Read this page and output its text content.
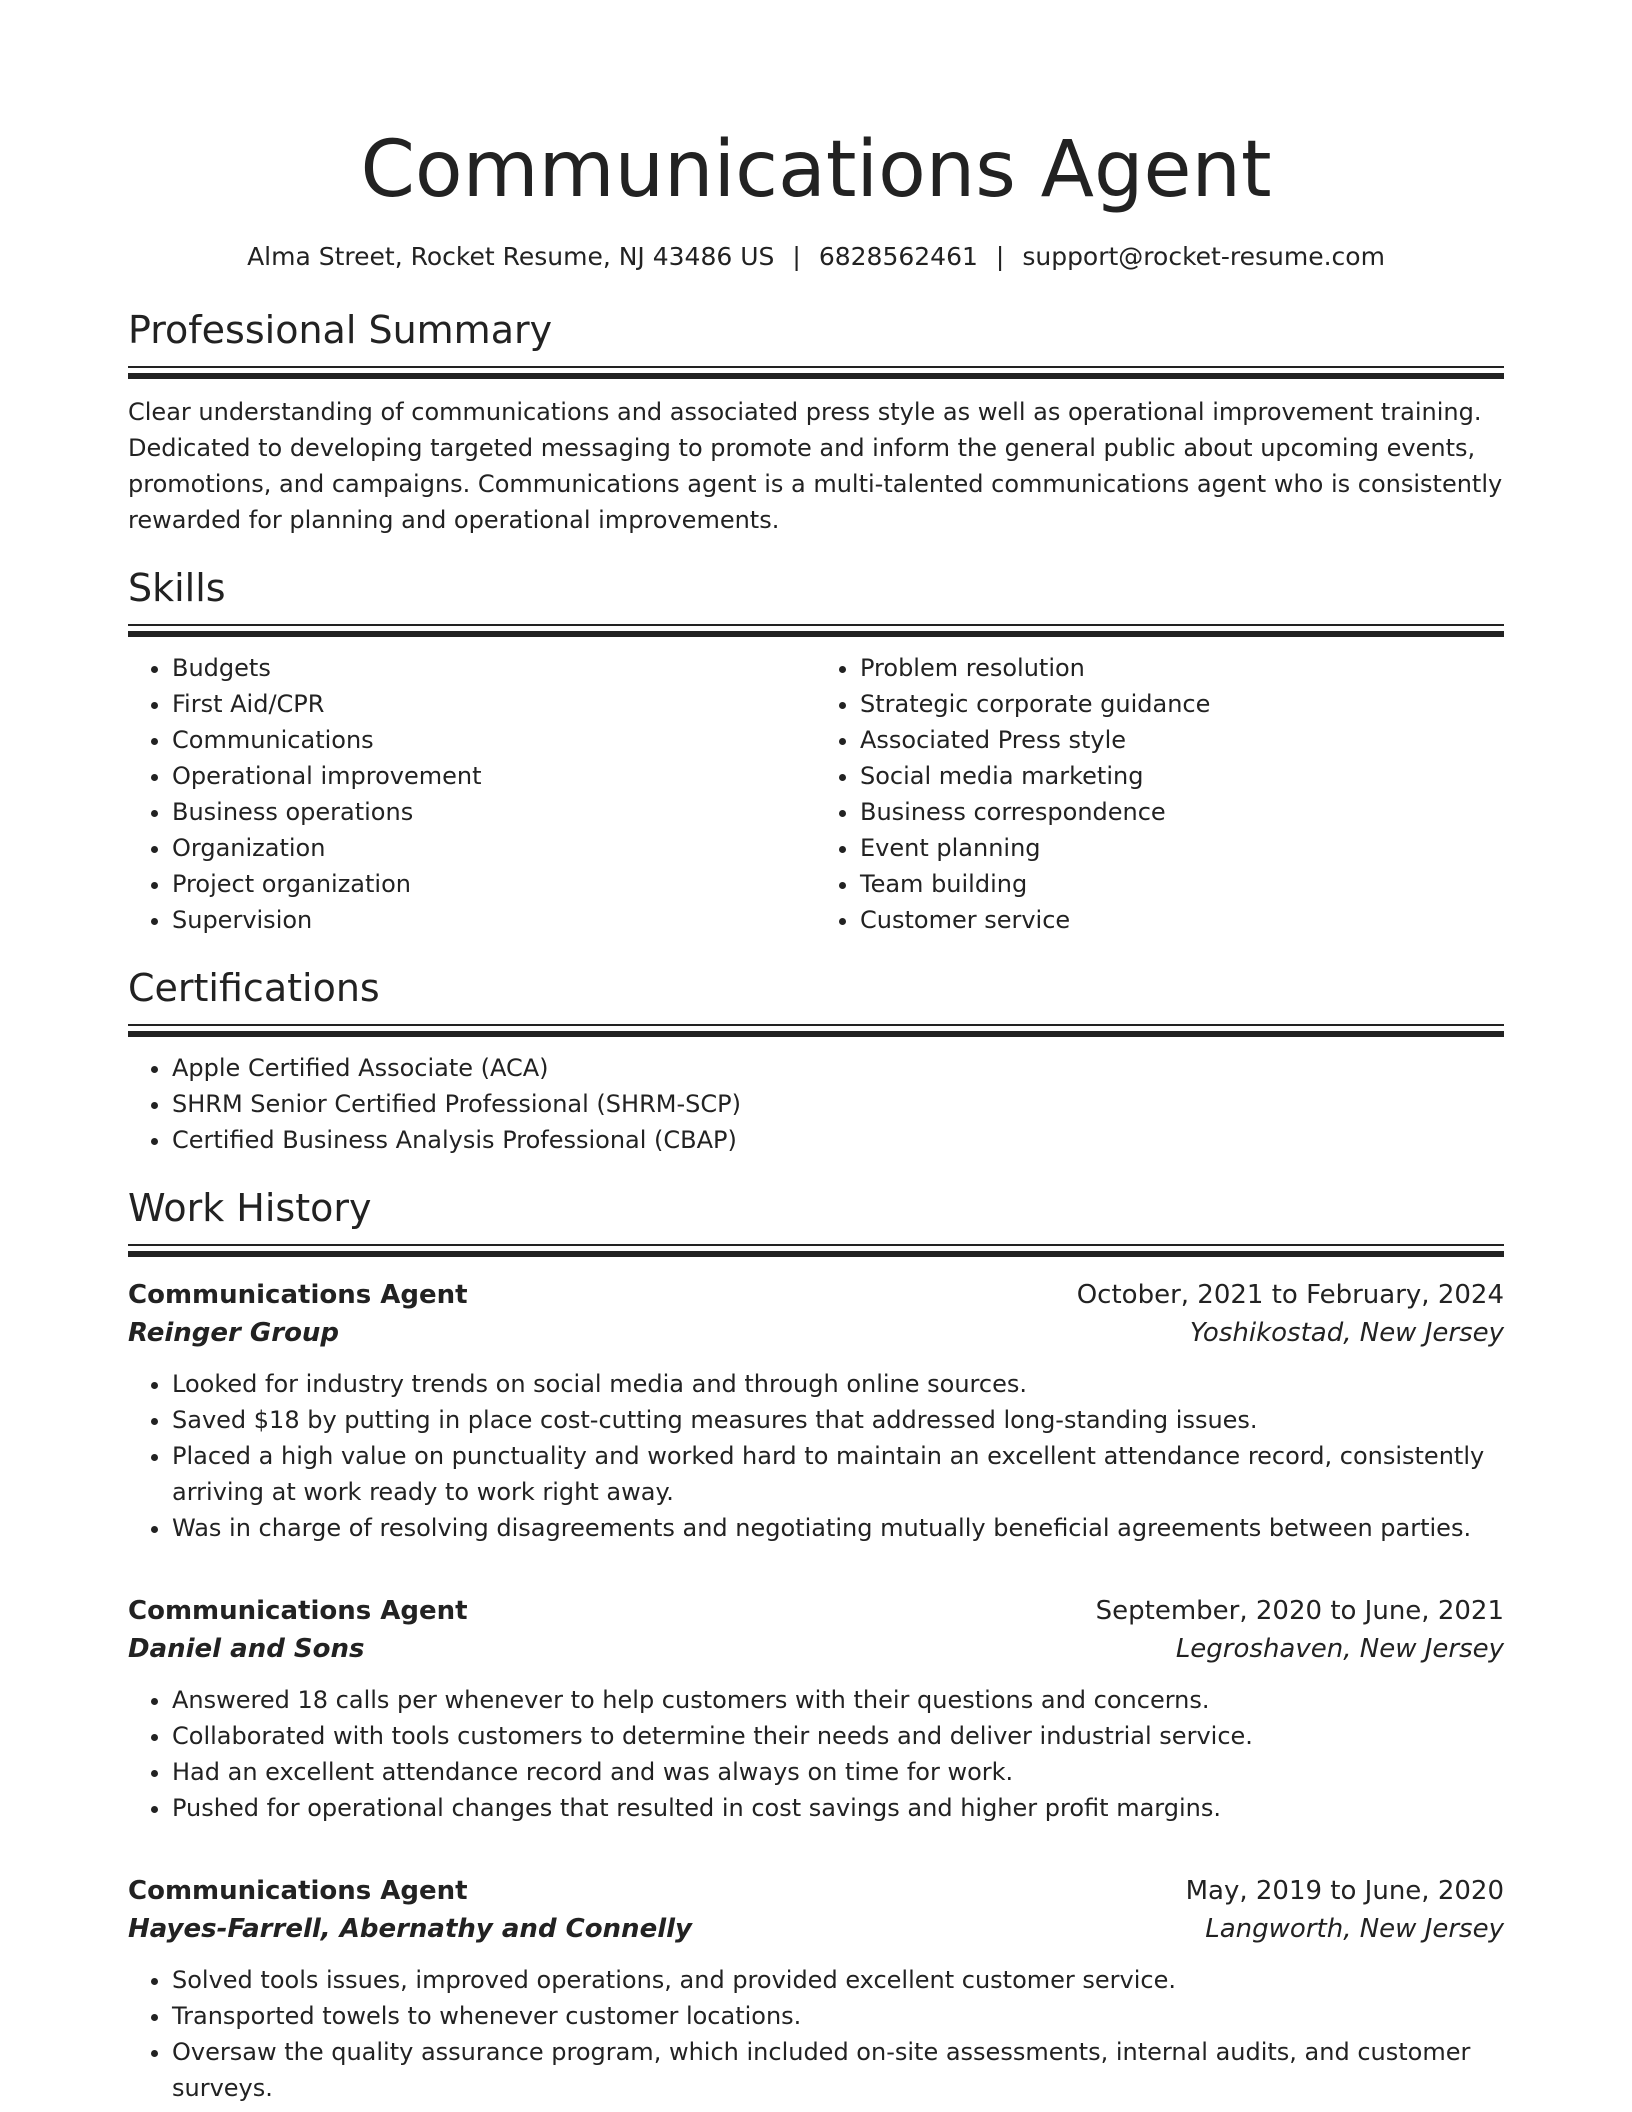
Communications Agent
Alma Street, Rocket Resume, NJ 43486 US | 6828562461 | support@rocket-resume.com
Professional Summary
Clear understanding of communications and associated press style as well as operational improvement training. Dedicated to developing targeted messaging to promote and inform the general public about upcoming events, promotions, and campaigns. Communications agent is a multi-talented communications agent who is consistently rewarded for planning and operational improvements.
Skills
• Budgets
• First Aid/CPR
• Communications
• Operational improvement
• Business operations
• Organization
• Project organization
• Supervision
• Problem resolution
• Strategic corporate guidance
• Associated Press style
• Social media marketing
• Business correspondence
• Event planning
• Team building
• Customer service
Certifications
• Apple Certified Associate (ACA)
• SHRM Senior Certified Professional (SHRM-SCP)
• Certified Business Analysis Professional (CBAP)
Work History
Communications Agent	October, 2021 to February, 2024
Reinger Group	Yoshikostad, New Jersey
• Looked for industry trends on social media and through online sources.
• Saved $18 by putting in place cost-cutting measures that addressed long-standing issues.
• Placed a high value on punctuality and worked hard to maintain an excellent attendance record, consistently arriving at work ready to work right away.
• Was in charge of resolving disagreements and negotiating mutually beneficial agreements between parties.
Communications Agent	September, 2020 to June, 2021
Daniel and Sons	Legroshaven, New Jersey
• Answered 18 calls per whenever to help customers with their questions and concerns.
• Collaborated with tools customers to determine their needs and deliver industrial service.
• Had an excellent attendance record and was always on time for work.
• Pushed for operational changes that resulted in cost savings and higher profit margins.
Communications Agent	May, 2019 to June, 2020
Hayes-Farrell, Abernathy and Connelly	Langworth, New Jersey
• Solved tools issues, improved operations, and provided excellent customer service.
• Transported towels to whenever customer locations.
• Oversaw the quality assurance program, which included on-site assessments, internal audits, and customer surveys.
